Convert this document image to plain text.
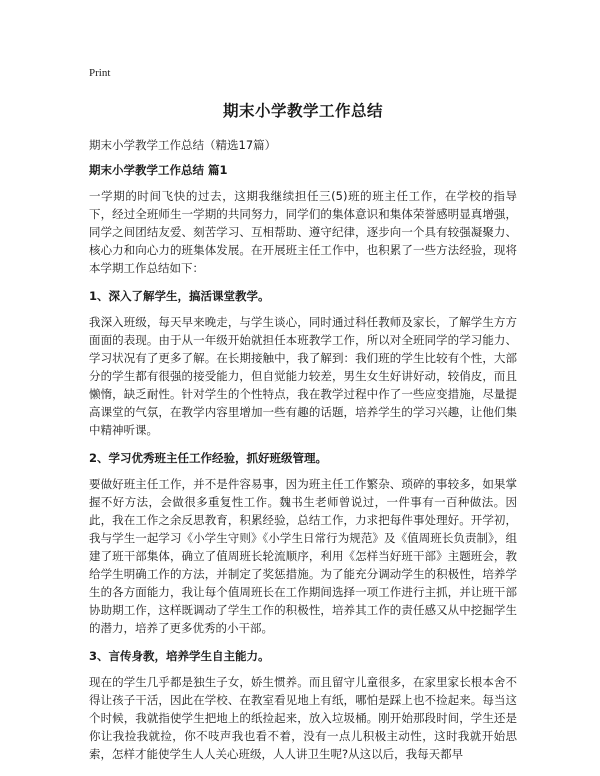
Print
期末小学教学工作总结
期末小学教学工作总结（精选17篇）
期末小学教学工作总结 篇1

一学期的时间飞快的过去，这期我继续担任三(5)班的班主任工作，在学校的指导下，经过全班师生一学期的共同努力，同学们的集体意识和集体荣誉感明显真增强，同学之间团结友爱、刻苦学习、互相帮助、遵守纪律，逐步向一个具有较强凝聚力、核心力和向心力的班集体发展。在开展班主任工作中，也积累了一些方法经验，现将本学期工作总结如下：

1、深入了解学生，搞活课堂教学。

我深入班级，每天早来晚走，与学生谈心，同时通过科任教师及家长，了解学生方方面面的表现。由于从一年级开始就担任本班教学工作，所以对全班同学的学习能力、学习状况有了更多了解。在长期接触中，我了解到：我们班的学生比较有个性，大部分的学生都有很强的接受能力，但自觉能力较差，男生女生好讲好动，较俏皮，而且懒惰，缺乏耐性。针对学生的个性特点，我在教学过程中作了一些应变措施，尽量提高课堂的气氛，在教学内容里增加一些有趣的话题，培养学生的学习兴趣，让他们集中精神听课。

2、学习优秀班主任工作经验，抓好班级管理。

要做好班主任工作，并不是件容易事，因为班主任工作繁杂、琐碎的事较多，如果掌握不好方法，会做很多重复性工作。魏书生老师曾说过，一件事有一百种做法。因此，我在工作之余反思教育，积累经验，总结工作，力求把每件事处理好。开学初，我与学生一起学习《小学生守则》《小学生日常行为规范》及《值周班长负责制》，组建了班干部集体，确立了值周班长轮流顺序，利用《怎样当好班干部》主题班会，教给学生明确工作的方法，并制定了奖惩措施。为了能充分调动学生的积极性，培养学生的各方面能力，我让每个值周班长在工作期间选择一项工作进行主抓，并让班干部协助期工作，这样既调动了学生工作的积极性，培养其工作的责任感又从中挖掘学生的潜力，培养了更多优秀的小干部。

3、言传身教，培养学生自主能力。

现在的学生几乎都是独生子女，娇生惯养。而且留守儿童很多，在家里家长根本舍不得让孩子干活，因此在学校、在教室看见地上有纸，哪怕是踩上也不捡起来。每当这个时候，我就指使学生把地上的纸捡起来，放入垃圾桶。刚开始那段时间，学生还是你让我捡我就捡，你不吱声我也看不着，没有一点儿积极主动性，这时我就开始思索，怎样才能使学生人人关心班级，人人讲卫生呢?从这以后，我每天都早
